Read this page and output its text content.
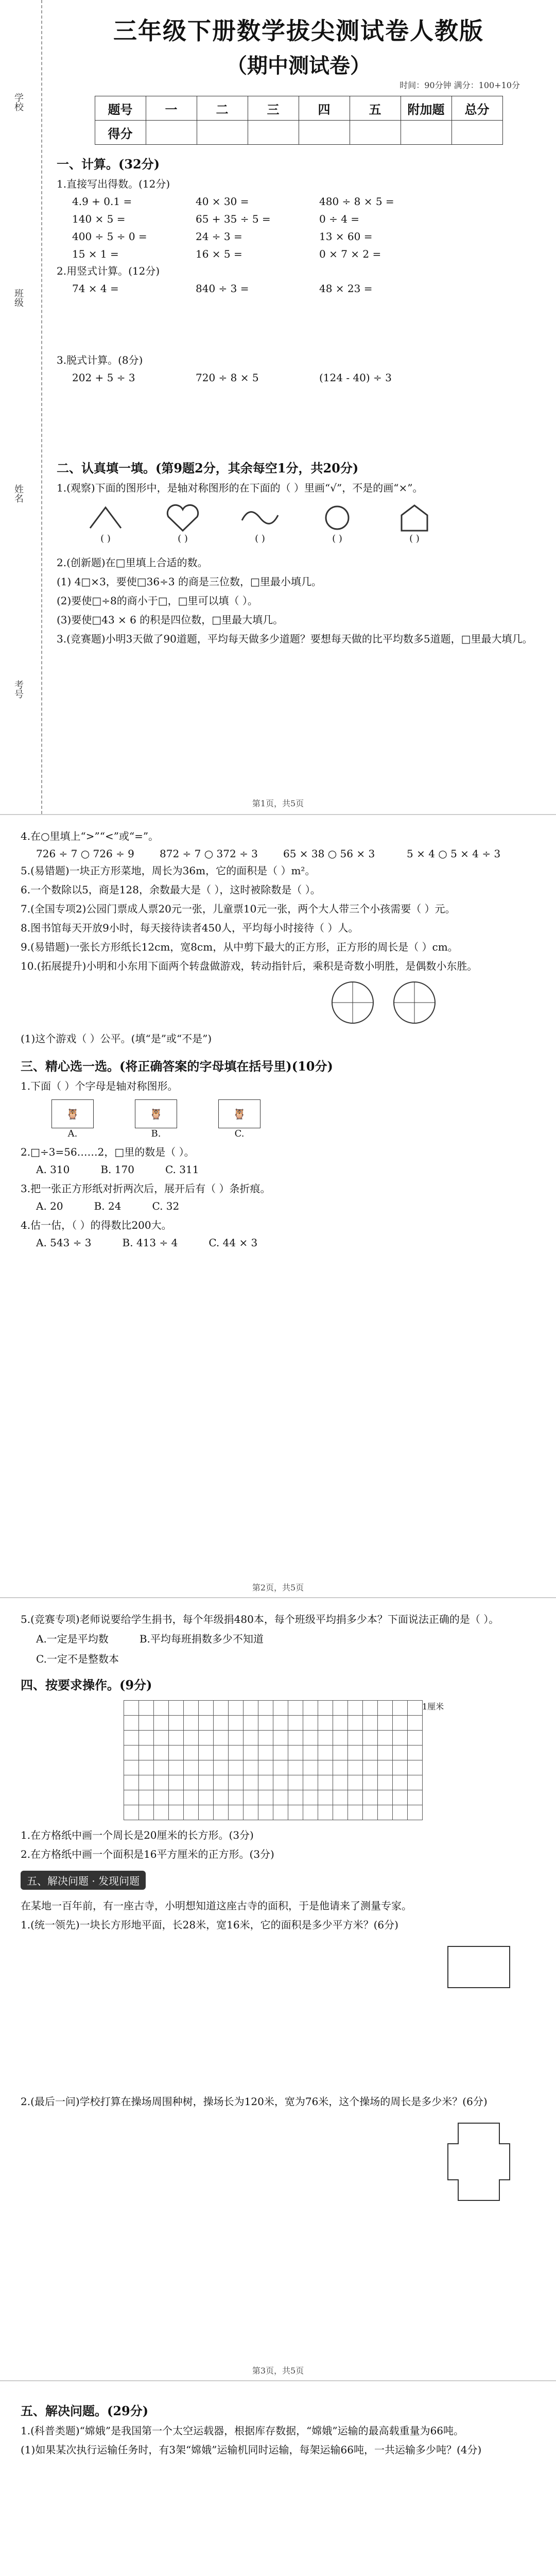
学校
班级
姓名
考号
三年级下册数学拔尖测试卷人教版
（期中测试卷）
时间：90分钟 满分：100+10分
题号	一	二	三	四	五	附加题	总分
得分							
一、计算。(32分)
1.直接写出得数。(12分)
4.9 + 0.1 =	40 × 30 =	480 ÷ 8 × 5 =
140 × 5 =	65 + 35 ÷ 5 =	0 ÷ 4 =
400 ÷ 5 ÷ 0 =	24 ÷ 3 =	13 × 60 =
15 × 1 =	16 × 5 =	0 × 7 × 2 =
2.用竖式计算。(12分)
74 × 4 =	840 ÷ 3 =	48 × 23 =
3.脱式计算。(8分)
202 + 5 ÷ 3	720 ÷ 8 × 5	(124 - 40) ÷ 3
二、认真填一填。(第9题2分，其余每空1分，共20分)
1.(观察)下面的图形中，是轴对称图形的在下面的（ ）里画“√”，不是的画“×”。
( )	( )	( )	( )	( )
2.(创新题)在□里填上合适的数。
(1) 4□×3，要使□36÷3 的商是三位数，□里最小填几。
(2)要使□÷8的商小于□，□里可以填（ ）。
(3)要使□43 × 6 的积是四位数，□里最大填几。
3.(竞赛题)小明3天做了90道题，平均每天做多少道题？要想每天做的比平均数多5道题，□里最大填几。
第1页，共5页
4.在○里填上“>”“<”或“=”。
726 ÷ 7 ○ 726 ÷ 9	872 ÷ 7 ○ 372 ÷ 3	65 × 38 ○ 56 × 3	5 × 4 ○ 5 × 4 ÷ 3
5.(易错题)一块正方形菜地，周长为36m，它的面积是（ ）m²。
6.一个数除以5，商是128，余数最大是（ ），这时被除数是（ ）。
7.(全国专项2)公园门票成人票20元一张，儿童票10元一张，两个大人带三个小孩需要（ ）元。
8.图书馆每天开放9小时，每天接待读者450人，平均每小时接待（ ）人。
9.(易错题)一张长方形纸长12cm，宽8cm，从中剪下最大的正方形，正方形的周长是（ ）cm。
10.(拓展提升)小明和小东用下面两个转盘做游戏，转动指针后，乘积是奇数小明胜，是偶数小东胜。
(1)这个游戏（ ）公平。(填“是”或“不是”)
三、精心选一选。(将正确答案的字母填在括号里)(10分)
1.下面（ ）个字母是轴对称图形。
🦉
A.
🦉
B.
🦉
C.
2.□÷3=56……2，□里的数是（ ）。
A. 310	B. 170	C. 311
3.把一张正方形纸对折两次后，展开后有（ ）条折痕。
A. 20	B. 24	C. 32
4.估一估，（ ）的得数比200大。
A. 543 ÷ 3	B. 413 ÷ 4	C. 44 × 3
第2页，共5页
5.(竞赛专项)老师说要给学生捐书，每个年级捐480本，每个班级平均捐多少本？下面说法正确的是（ ）。
A.一定是平均数	B.平均每班捐数多少不知道
C.一定不是整数本
四、按要求操作。(9分)
1厘米

1.在方格纸中画一个周长是20厘米的长方形。(3分)
2.在方格纸中画一个面积是16平方厘米的正方形。(3分)
五、解决问题 · 发现问题
在某地一百年前，有一座古寺，小明想知道这座古寺的面积，于是他请来了测量专家。
1.(统一领先)一块长方形地平面，长28米，宽16米，它的面积是多少平方米？(6分)
2.(最后一问)学校打算在操场周围种树，操场长为120米，宽为76米，这个操场的周长是多少米？(6分)
第3页，共5页
五、解决问题。(29分)
1.(科普类题)“嫦娥”是我国第一个太空运载器，根据库存数据，“嫦娥”运输的最高载重量为66吨。
(1)如果某次执行运输任务时，有3架“嫦娥”运输机同时运输，每架运输66吨，一共运输多少吨？(4分)
